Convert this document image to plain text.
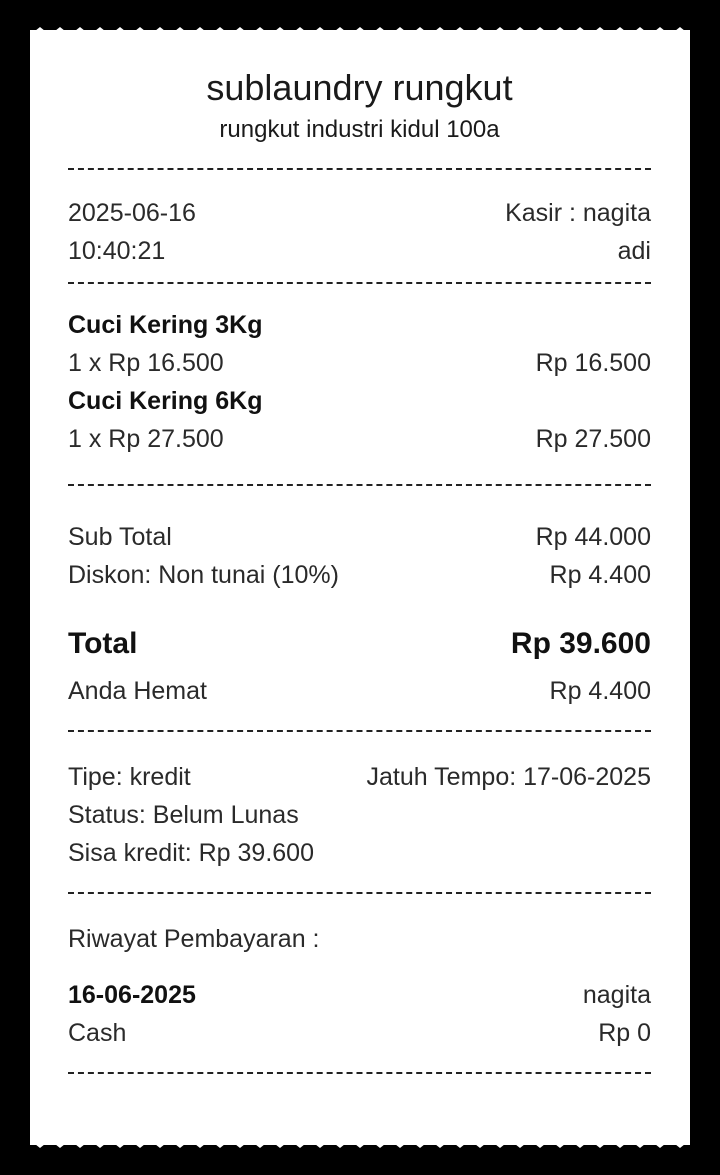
sublaundry rungkut
rungkut industri kidul 100a
2025-06-16	Kasir : nagita
10:40:21	adi
Cuci Kering 3Kg
1 x Rp 16.500	Rp 16.500
Cuci Kering 6Kg
1 x Rp 27.500	Rp 27.500
Sub Total	Rp 44.000
Diskon: Non tunai (10%)	Rp 4.400
Total	Rp 39.600
Anda Hemat	Rp 4.400
Tipe: kredit	Jatuh Tempo: 17-06-2025
Status: Belum Lunas
Sisa kredit: Rp 39.600
Riwayat Pembayaran :
16-06-2025	nagita
Cash	Rp 0
